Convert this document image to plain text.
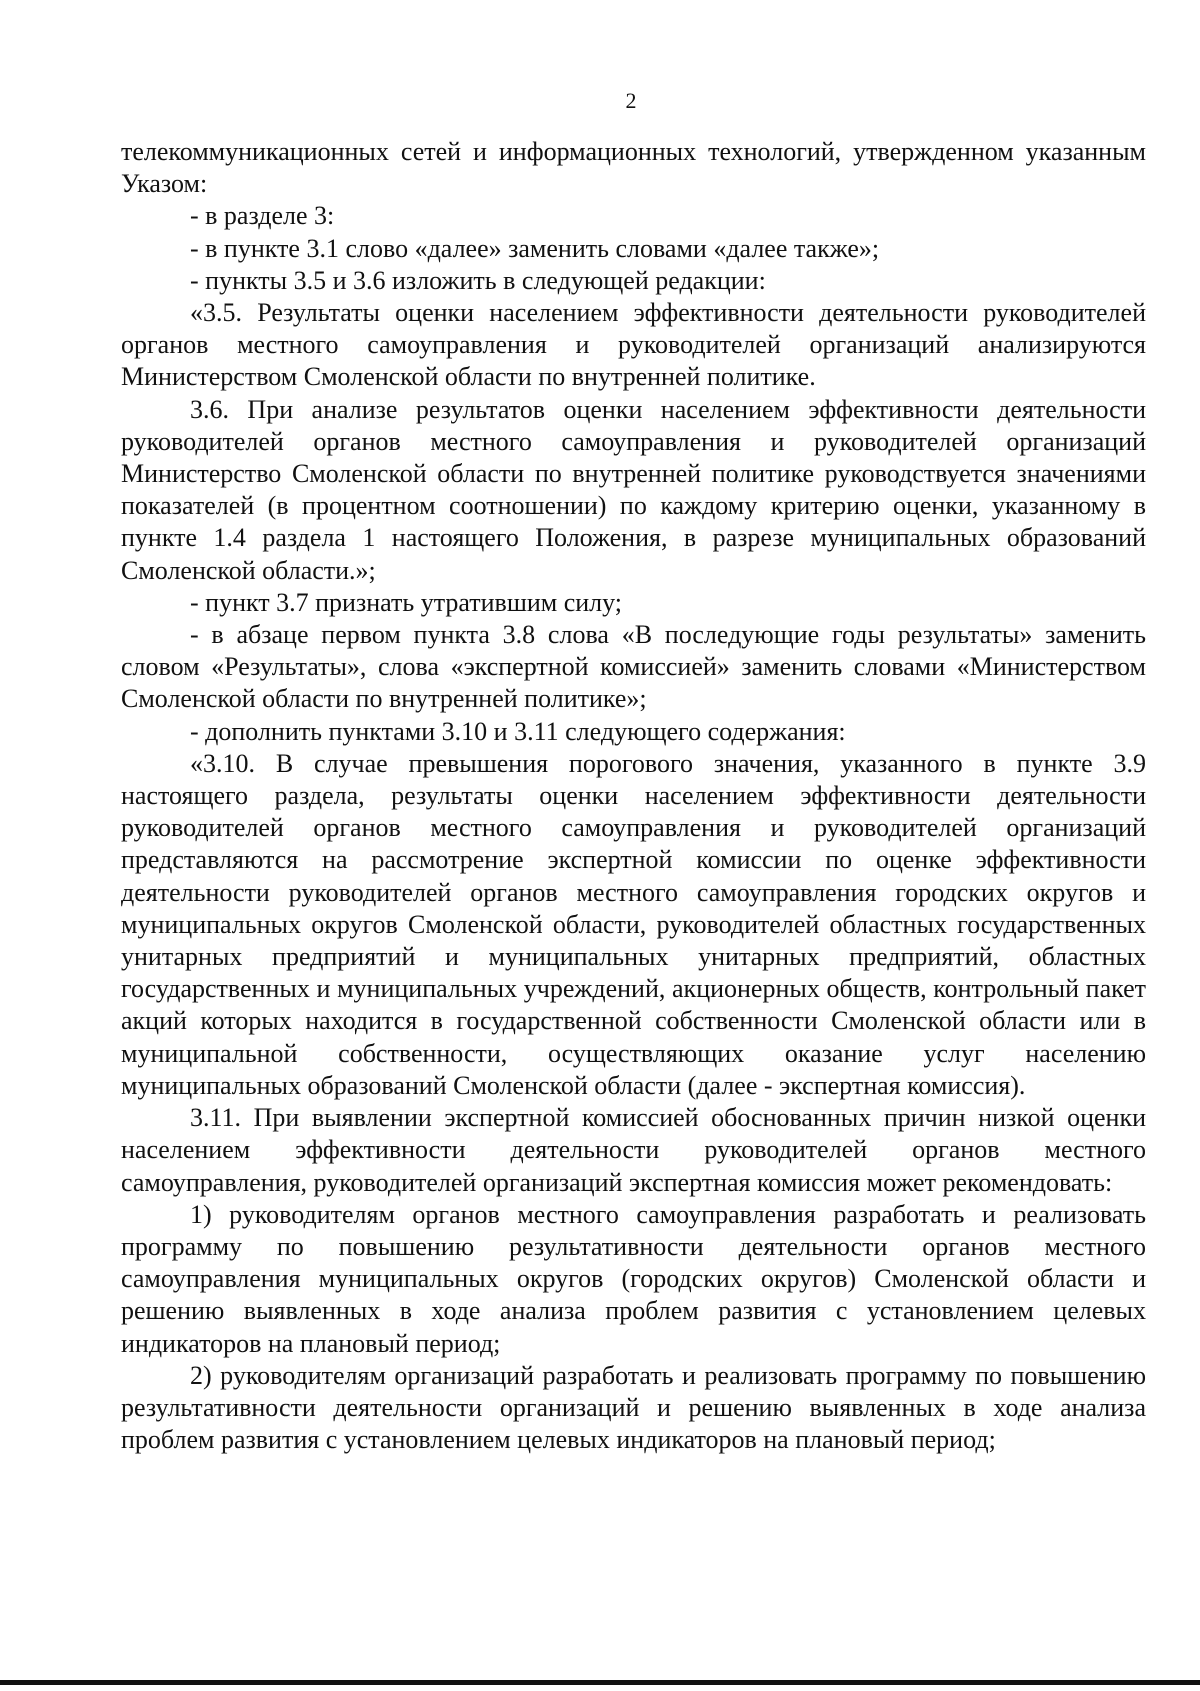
2

телекоммуникационных сетей и информационных технологий, утвержденном указанным Указом:

- в разделе 3:

- в пункте 3.1 слово «далее» заменить словами «далее также»;

- пункты 3.5 и 3.6 изложить в следующей редакции:

«3.5. Результаты оценки населением эффективности деятельности руководителей органов местного самоуправления и руководителей организаций анализируются Министерством Смоленской области по внутренней политике.

3.6. При анализе результатов оценки населением эффективности деятельности руководителей органов местного самоуправления и руководителей организаций Министерство Смоленской области по внутренней политике руководствуется значениями показателей (в процентном соотношении) по каждому критерию оценки, указанному в пункте 1.4 раздела 1 настоящего Положения, в разрезе муниципальных образований Смоленской области.»;

- пункт 3.7 признать утратившим силу;

- в абзаце первом пункта 3.8 слова «В последующие годы результаты» заменить словом «Результаты», слова «экспертной комиссией» заменить словами «Министерством Смоленской области по внутренней политике»;

- дополнить пунктами 3.10 и 3.11 следующего содержания:

«3.10. В случае превышения порогового значения, указанного в пункте 3.9 настоящего раздела, результаты оценки населением эффективности деятельности руководителей органов местного самоуправления и руководителей организаций представляются на рассмотрение экспертной комиссии по оценке эффективности деятельности руководителей органов местного самоуправления городских округов и муниципальных округов Смоленской области, руководителей областных государственных унитарных предприятий и муниципальных унитарных предприятий, областных государственных и муниципальных учреждений, акционерных обществ, контрольный пакет акций которых находится в государственной собственности Смоленской области или в муниципальной собственности, осуществляющих оказание услуг населению муниципальных образований Смоленской области (далее - экспертная комиссия).

3.11. При выявлении экспертной комиссией обоснованных причин низкой оценки населением эффективности деятельности руководителей органов местного самоуправления, руководителей организаций экспертная комиссия может рекомендовать:

1) руководителям органов местного самоуправления разработать и реализовать программу по повышению результативности деятельности органов местного самоуправления муниципальных округов (городских округов) Смоленской области и решению выявленных в ходе анализа проблем развития с установлением целевых индикаторов на плановый период;

2) руководителям организаций разработать и реализовать программу по повышению результативности деятельности организаций и решению выявленных в ходе анализа проблем развития с установлением целевых индикаторов на плановый период;
